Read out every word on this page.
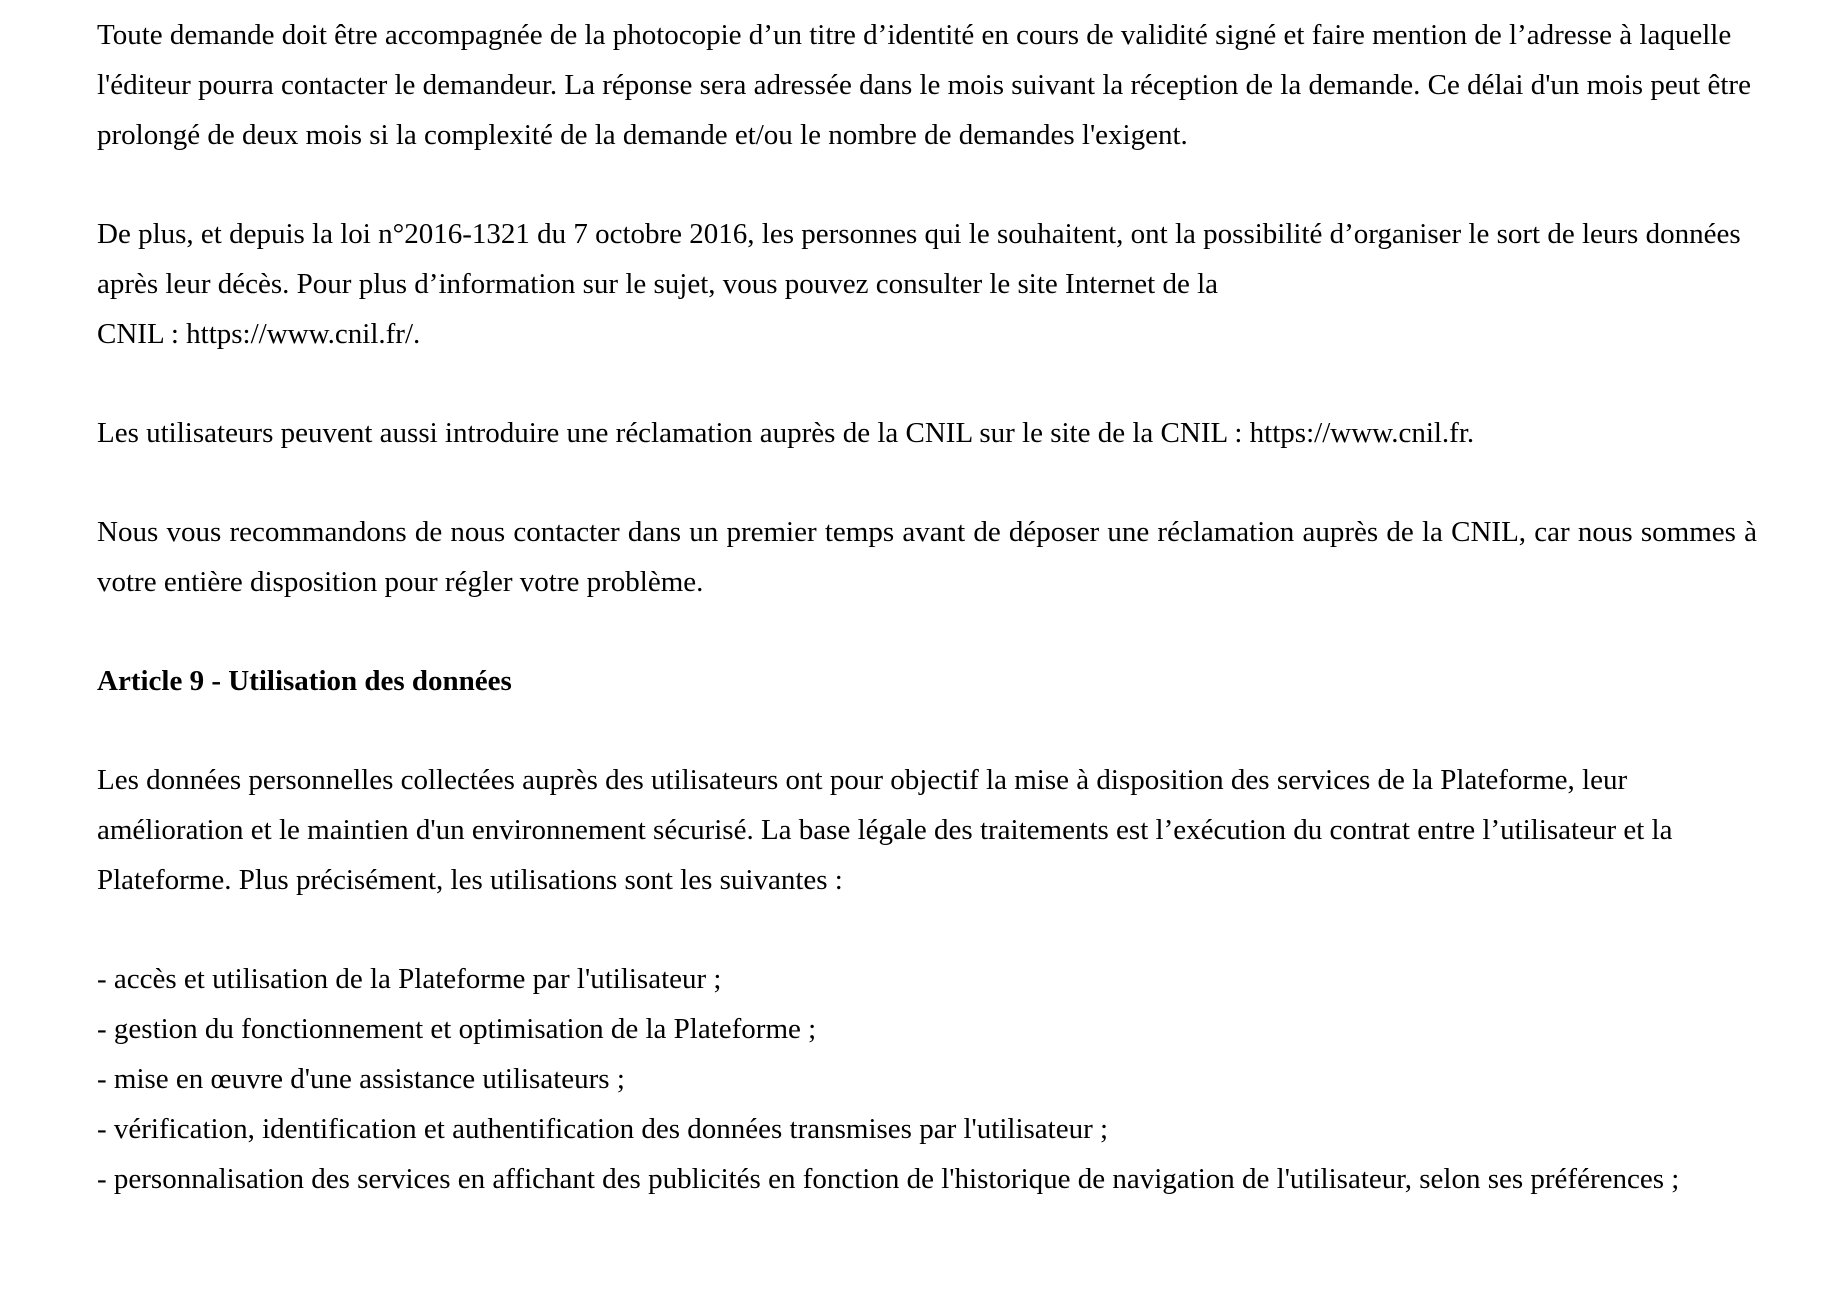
Toute demande doit être accompagnée de la photocopie d’un titre d’identité en cours de validité signé et faire mention de l’adresse à laquelle l'éditeur pourra contacter le demandeur. La réponse sera adressée dans le mois suivant la réception de la demande. Ce délai d'un mois peut être prolongé de deux mois si la complexité de la demande et/ou le nombre de demandes l'exigent.

De plus, et depuis la loi n°2016-1321 du 7 octobre 2016, les personnes qui le souhaitent, ont la possibilité d’organiser le sort de leurs données après leur décès. Pour plus d’information sur le sujet, vous pouvez consulter le site Internet de la
CNIL : https://www.cnil.fr/.

Les utilisateurs peuvent aussi introduire une réclamation auprès de la CNIL sur le site de la CNIL : https://www.cnil.fr.

Nous vous recommandons de nous contacter dans un premier temps avant de déposer une réclamation auprès de la CNIL, car nous sommes à votre entière disposition pour régler votre problème.

Article 9 - Utilisation des données

Les données personnelles collectées auprès des utilisateurs ont pour objectif la mise à disposition des services de la Plateforme, leur amélioration et le maintien d'un environnement sécurisé. La base légale des traitements est l’exécution du contrat entre l’utilisateur et la Plateforme. Plus précisément, les utilisations sont les suivantes :

- accès et utilisation de la Plateforme par l'utilisateur ;
- gestion du fonctionnement et optimisation de la Plateforme ;
- mise en œuvre d'une assistance utilisateurs ;
- vérification, identification et authentification des données transmises par l'utilisateur ;
- personnalisation des services en affichant des publicités en fonction de l'historique de navigation de l'utilisateur, selon ses préférences ;
